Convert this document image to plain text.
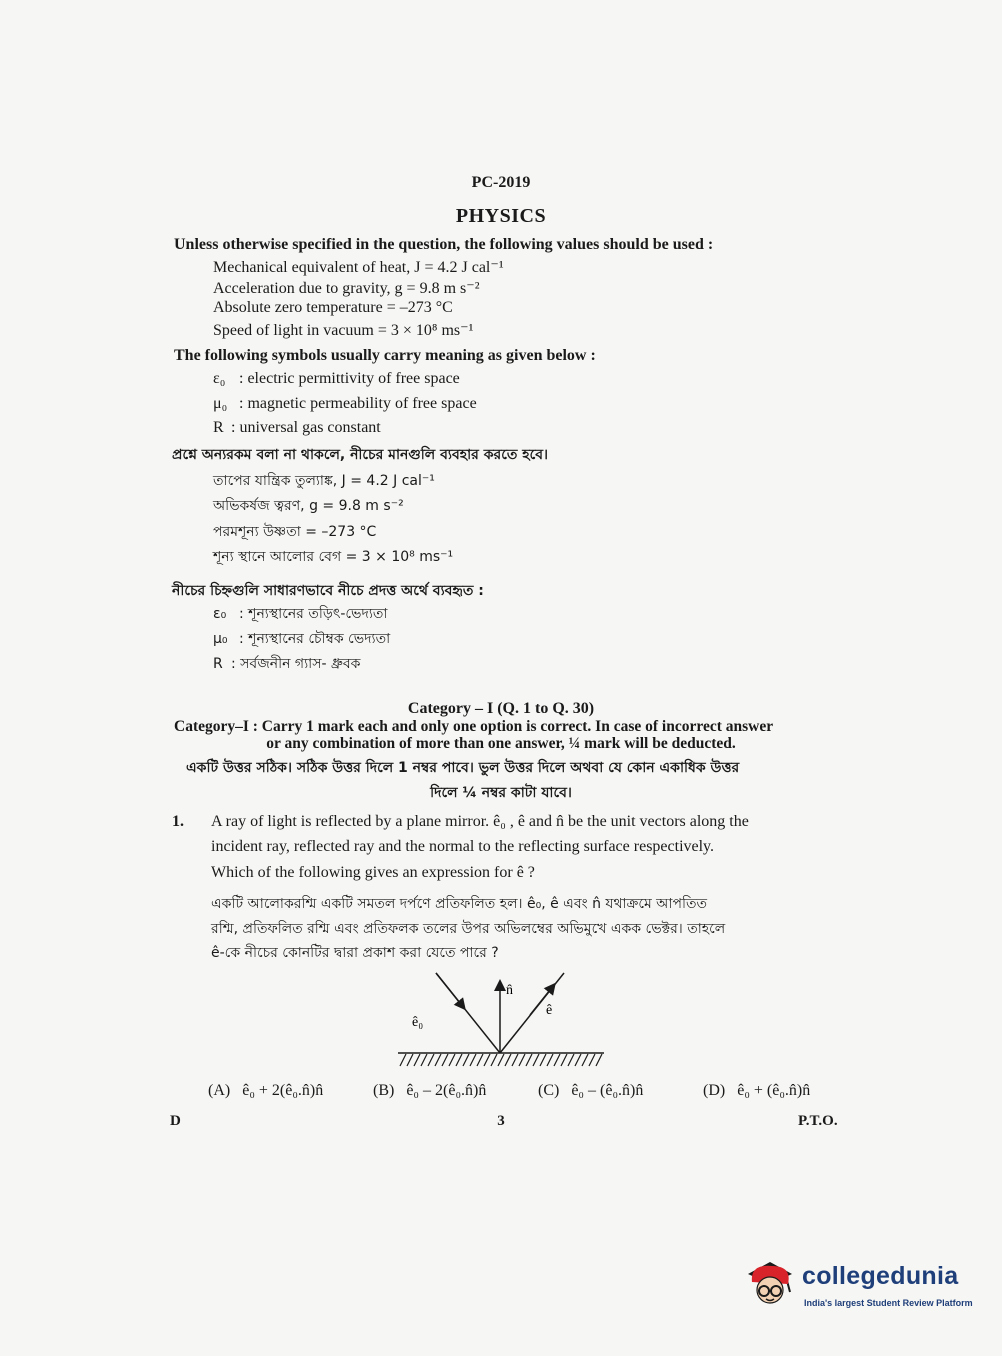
PC-2019
PHYSICS
Unless otherwise specified in the question, the following values should be used :
Mechanical equivalent of heat, J = 4.2 J cal⁻¹
Acceleration due to gravity, g = 9.8 m s⁻²
Absolute zero temperature = –273 °C
Speed of light in vacuum = 3 × 10⁸ ms⁻¹
The following symbols usually carry meaning as given below :
ε₀ : electric permittivity of free space
μ₀ : magnetic permeability of free space
R : universal gas constant
প্রশ্নে অন্যরকম বলা না থাকলে, নীচের মানগুলি ব্যবহার করতে হবে।
তাপের যান্ত্রিক তুল্যাঙ্ক, J = 4.2 J cal⁻¹
অভিকর্ষজ ত্বরণ, g = 9.8 m s⁻²
পরমশূন্য উষ্ণতা = –273 °C
শূন্য স্থানে আলোর বেগ = 3 × 10⁸ ms⁻¹
নীচের চিহ্নগুলি সাধারণভাবে নীচে প্রদত্ত অর্থে ব্যবহৃত :
ε₀ : শূন্যস্থানের তড়িৎ-ভেদ্যতা
μ₀ : শূন্যস্থানের চৌম্বক ভেদ্যতা
R : সর্বজনীন গ্যাস- ধ্রুবক
Category – I (Q. 1 to Q. 30)
Category–I : Carry 1 mark each and only one option is correct. In case of incorrect answer
or any combination of more than one answer, ¼ mark will be deducted.
একটি উত্তর সঠিক। সঠিক উত্তর দিলে 1 নম্বর পাবে। ভুল উত্তর দিলে অথবা যে কোন একাধিক উত্তর
দিলে ¼ নম্বর কাটা যাবে।
1. A ray of light is reflected by a plane mirror. ê₀ , ê and n̂ be the unit vectors along the
incident ray, reflected ray and the normal to the reflecting surface respectively.
Which of the following gives an expression for ê ?
একটি আলোকরশ্মি একটি সমতল দর্পণে প্রতিফলিত হল। ê₀, ê এবং n̂ যথাক্রমে আপতিত
রশ্মি, প্রতিফলিত রশ্মি এবং প্রতিফলক তলের উপর অভিলম্বের অভিমুখে একক ভেক্টর। তাহলে
ê-কে নীচের কোনটির দ্বারা প্রকাশ করা যেতে পারে ?
n̂
ê₀
ê
(A) ê₀ + 2(ê₀.n̂)n̂	(B) ê₀ – 2(ê₀.n̂)n̂	(C) ê₀ – (ê₀.n̂)n̂	(D) ê₀ + (ê₀.n̂)n̂
D	3	P.T.O.
collegedunia
India's largest Student Review Platform
